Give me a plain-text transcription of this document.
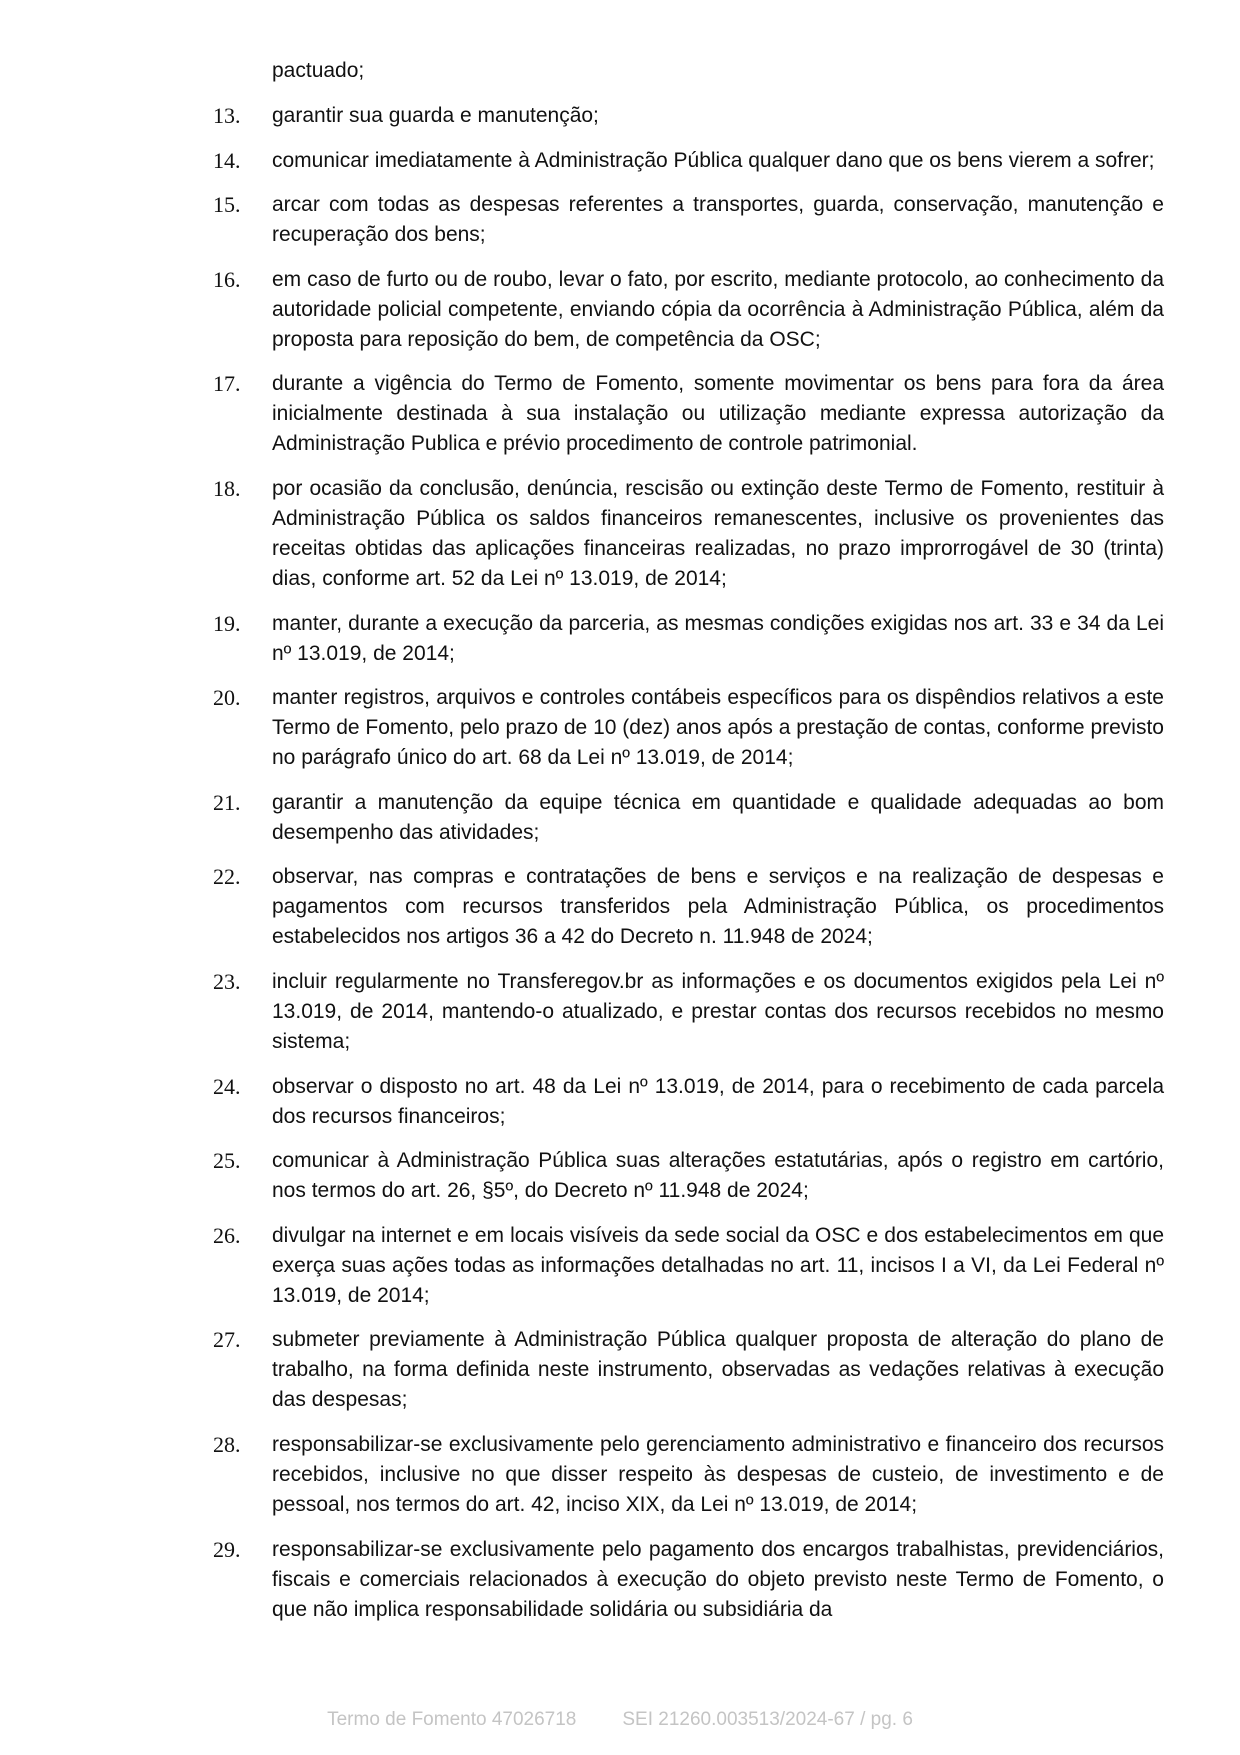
pactuado;

13. garantir sua guarda e manutenção;
14. comunicar imediatamente à Administração Pública qualquer dano que os bens vierem a sofrer;
15. arcar com todas as despesas referentes a transportes, guarda, conservação, manutenção e recuperação dos bens;
16. em caso de furto ou de roubo, levar o fato, por escrito, mediante protocolo, ao conhecimento da autoridade policial competente, enviando cópia da ocorrência à Administração Pública, além da proposta para reposição do bem, de competência da OSC;
17. durante a vigência do Termo de Fomento, somente movimentar os bens para fora da área inicialmente destinada à sua instalação ou utilização mediante expressa autorização da Administração Publica e prévio procedimento de controle patrimonial.
18. por ocasião da conclusão, denúncia, rescisão ou extinção deste Termo de Fomento, restituir à Administração Pública os saldos financeiros remanescentes, inclusive os provenientes das receitas obtidas das aplicações financeiras realizadas, no prazo improrrogável de 30 (trinta) dias, conforme art. 52 da Lei nº 13.019, de 2014;
19. manter, durante a execução da parceria, as mesmas condições exigidas nos art. 33 e 34 da Lei nº 13.019, de 2014;
20. manter registros, arquivos e controles contábeis específicos para os dispêndios relativos a este Termo de Fomento, pelo prazo de 10 (dez) anos após a prestação de contas, conforme previsto no parágrafo único do art. 68 da Lei nº 13.019, de 2014;
21. garantir a manutenção da equipe técnica em quantidade e qualidade adequadas ao bom desempenho das atividades;
22. observar, nas compras e contratações de bens e serviços e na realização de despesas e pagamentos com recursos transferidos pela Administração Pública, os procedimentos estabelecidos nos artigos 36 a 42 do Decreto n. 11.948 de 2024;
23. incluir regularmente no Transferegov.br as informações e os documentos exigidos pela Lei nº 13.019, de 2014, mantendo-o atualizado, e prestar contas dos recursos recebidos no mesmo sistema;
24. observar o disposto no art. 48 da Lei nº 13.019, de 2014, para o recebimento de cada parcela dos recursos financeiros;
25. comunicar à Administração Pública suas alterações estatutárias, após o registro em cartório, nos termos do art. 26, §5º, do Decreto nº 11.948 de 2024;
26. divulgar na internet e em locais visíveis da sede social da OSC e dos estabelecimentos em que exerça suas ações todas as informações detalhadas no art. 11, incisos I a VI, da Lei Federal nº 13.019, de 2014;
27. submeter previamente à Administração Pública qualquer proposta de alteração do plano de trabalho, na forma definida neste instrumento, observadas as vedações relativas à execução das despesas;
28. responsabilizar-se exclusivamente pelo gerenciamento administrativo e financeiro dos recursos recebidos, inclusive no que disser respeito às despesas de custeio, de investimento e de pessoal, nos termos do art. 42, inciso XIX, da Lei nº 13.019, de 2014;
29. responsabilizar-se exclusivamente pelo pagamento dos encargos trabalhistas, previdenciários, fiscais e comerciais relacionados à execução do objeto previsto neste Termo de Fomento, o que não implica responsabilidade solidária ou subsidiária da
Termo de Fomento 47026718 SEI 21260.003513/2024-67 / pg. 6
